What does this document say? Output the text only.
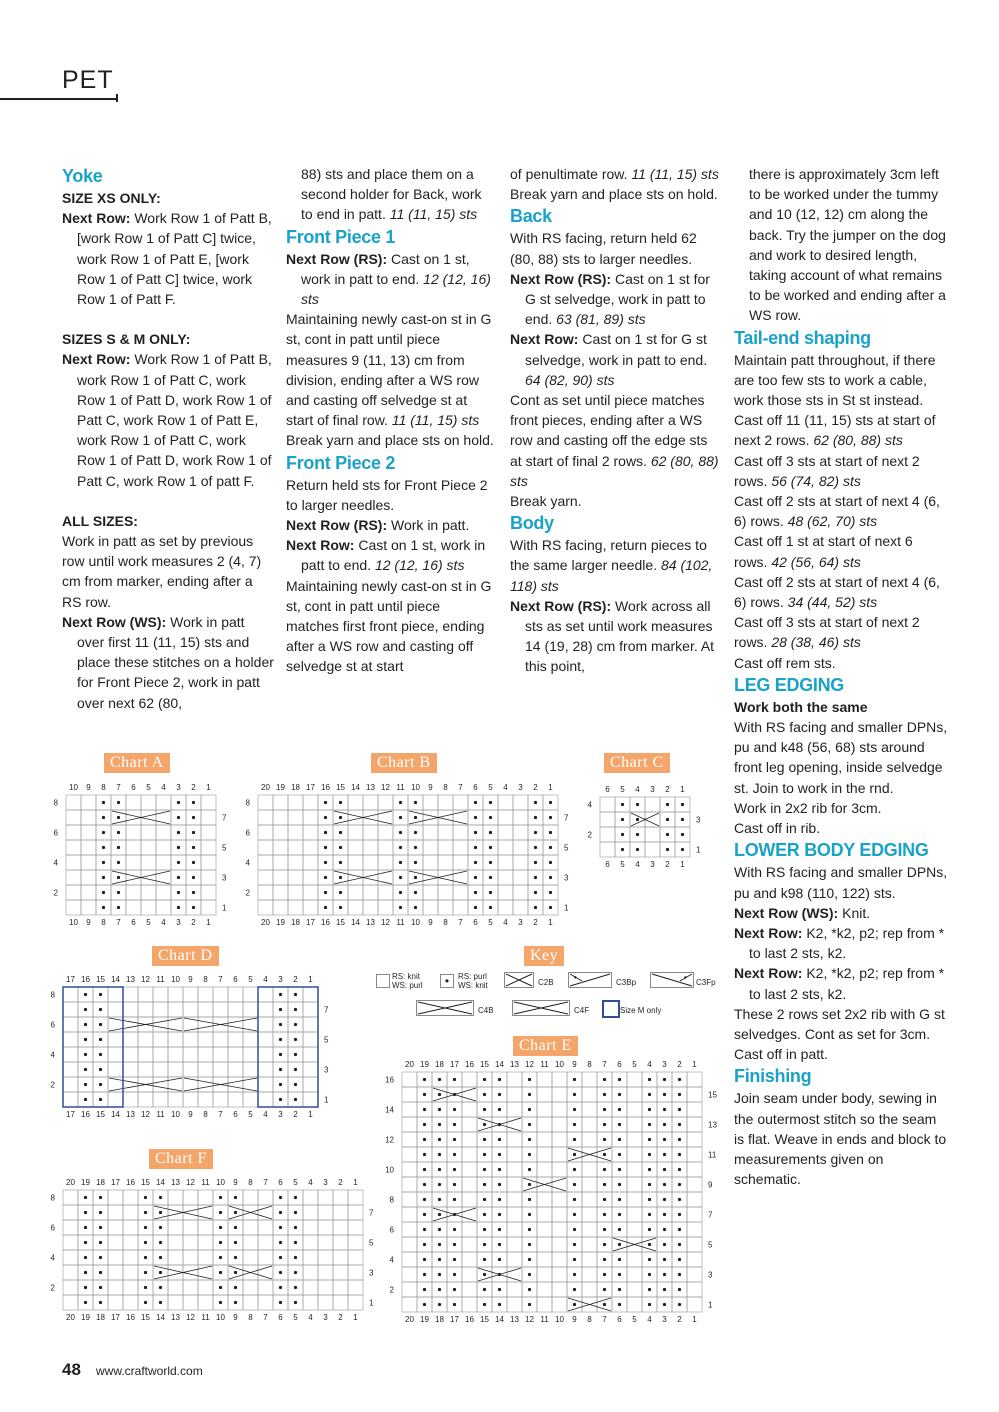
PET

Yoke

SIZE XS ONLY:

Next Row: Work Row 1 of Patt B, [work Row 1 of Patt C] twice, work Row 1 of Patt E, [work Row 1 of Patt C] twice, work Row 1 of Patt F.

SIZES S & M ONLY:

Next Row: Work Row 1 of Patt B, work Row 1 of Patt C, work Row 1 of Patt D, work Row 1 of Patt C, work Row 1 of Patt E, work Row 1 of Patt C, work Row 1 of Patt D, work Row 1 of Patt C, work Row 1 of patt F.

ALL SIZES:

Work in patt as set by previous row until work measures 2 (4, 7) cm from marker, ending after a RS row.

Next Row (WS): Work in patt over first 11 (11, 15) sts and place these stitches on a holder for Front Piece 2, work in patt over next 62 (80,

88) sts and place them on a second holder for Back, work to end in patt. 11 (11, 15) sts

Front Piece 1

Next Row (RS): Cast on 1 st, work in patt to end. 12 (12, 16) sts

Maintaining newly cast-on st in G st, cont in patt until piece measures 9 (11, 13) cm from division, ending after a WS row and casting off selvedge st at start of final row. 11 (11, 15) sts

Break yarn and place sts on hold.

Front Piece 2

Return held sts for Front Piece 2 to larger needles.

Next Row (RS): Work in patt.

Next Row: Cast on 1 st, work in patt to end. 12 (12, 16) sts

Maintaining newly cast-on st in G st, cont in patt until piece matches first front piece, ending after a WS row and casting off selvedge st at start

of penultimate row. 11 (11, 15) sts

Break yarn and place sts on hold.

Back

With RS facing, return held 62 (80, 88) sts to larger needles.

Next Row (RS): Cast on 1 st for G st selvedge, work in patt to end. 63 (81, 89) sts

Next Row: Cast on 1 st for G st selvedge, work in patt to end. 64 (82, 90) sts

Cont as set until piece matches front pieces, ending after a WS row and casting off the edge sts at start of final 2 rows. 62 (80, 88) sts

Break yarn.

Body

With RS facing, return pieces to the same larger needle. 84 (102, 118) sts

Next Row (RS): Work across all sts as set until work measures 14 (19, 28) cm from marker. At this point,

there is approximately 3cm left to be worked under the tummy and 10 (12, 12) cm along the back. Try the jumper on the dog and work to desired length, taking account of what remains to be worked and ending after a WS row.

Tail-end shaping

Maintain patt throughout, if there are too few sts to work a cable, work those sts in St st instead.

Cast off 11 (11, 15) sts at start of next 2 rows. 62 (80, 88) sts

Cast off 3 sts at start of next 2 rows. 56 (74, 82) sts

Cast off 2 sts at start of next 4 (6, 6) rows. 48 (62, 70) sts

Cast off 1 st at start of next 6 rows. 42 (56, 64) sts

Cast off 2 sts at start of next 4 (6, 6) rows. 34 (44, 52) sts

Cast off 3 sts at start of next 2 rows. 28 (38, 46) sts

Cast off rem sts.

LEG EDGING

Work both the same

With RS facing and smaller DPNs, pu and k48 (56, 68) sts around front leg opening, inside selvedge st. Join to work in the rnd.

Work in 2x2 rib for 3cm.

Cast off in rib.

LOWER BODY EDGING

With RS facing and smaller DPNs, pu and k98 (110, 122) sts.

Next Row (WS): Knit.

Next Row: K2, *k2, p2; rep from * to last 2 sts, k2.

Next Row: K2, *k2, p2; rep from * to last 2 sts, k2.

These 2 rows set 2x2 rib with G st selvedges. Cont as set for 3cm.

Cast off in patt.

Finishing

Join seam under body, sewing in the outermost stitch so the seam is flat. Weave in ends and block to measurements given on schematic.

Chart A	Chart B	Chart C
Chart D	Key
Chart E
Chart F
10
10
9
9
8
8
7
7
6
6
5
5
4
4
3
3
2
2
1
1
8
7
6
5
4
3
2
1
20
20
19
19
18
18
17
17
16
16
15
15
14
14
13
13
12
12
11
11
10
10
9
9
8
8
7
7
6
6
5
5
4
4
3
3
2
2
1
1
8
7
6
5
4
3
2
1
6
6
5
5
4
4
3
3
2
2
1
1
4
3
2
1
17
17
16
16
15
15
14
14
13
13
12
12
11
11
10
10
9
9
8
8
7
7
6
6
5
5
4
4
3
3
2
2
1
1
8
7
6
5
4
3
2
1
20
20
19
19
18
18
17
17
16
16
15
15
14
14
13
13
12
12
11
11
10
10
9
9
8
8
7
7
6
6
5
5
4
4
3
3
2
2
1
1
8
7
6
5
4
3
2
1
20
20
19
19
18
18
17
17
16
16
15
15
14
14
13
13
12
12
11
11
10
10
9
9
8
8
7
7
6
6
5
5
4
4
3
3
2
2
1
1
16
15
14
13
12
11
10
9
8
7
6
5
4
3
2
1
RS: knit
WS: purl	•	RS: purl
WS: knit	C2B
•
C3Bp
•
C3Fp
C4B	C4F	Size M only
48 www.craftworld.com
